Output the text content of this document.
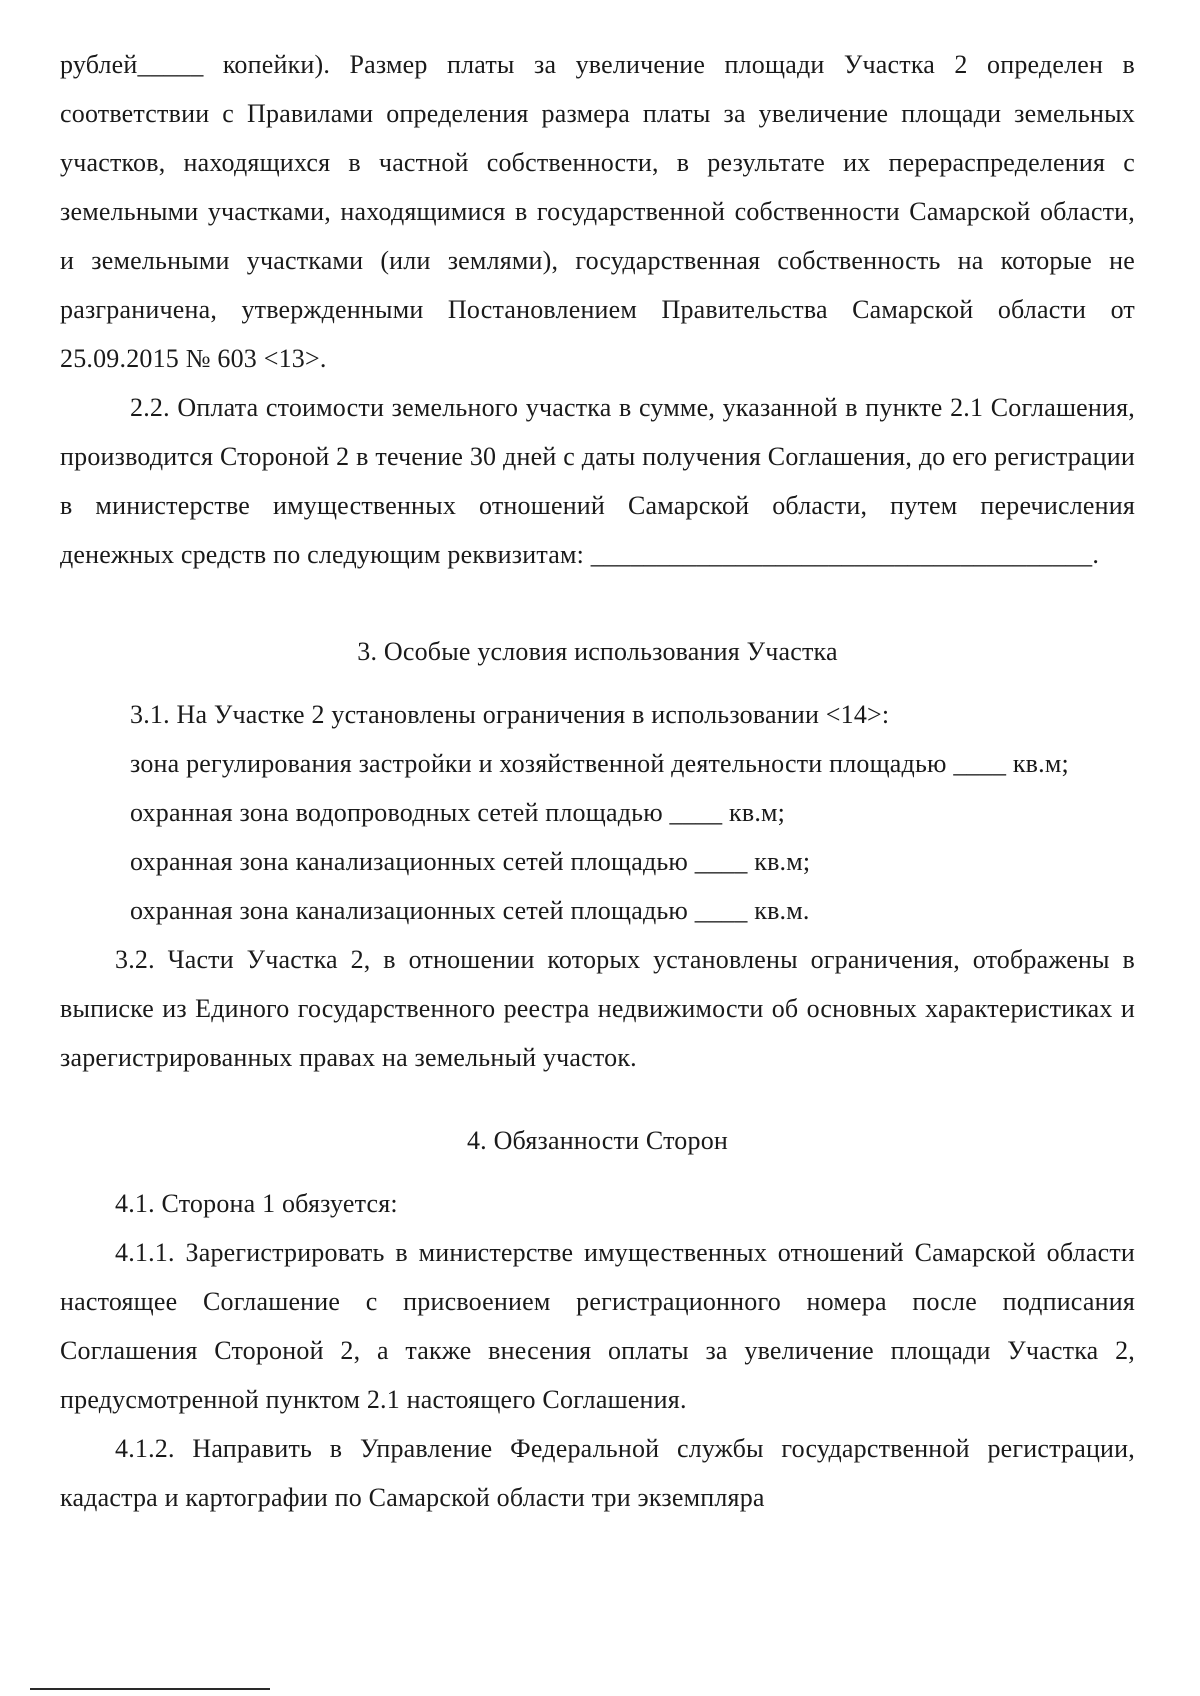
рублей_____ копейки). Размер платы за увеличение площади Участка 2 определен в соответствии с Правилами определения размера платы за увеличение площади земельных участков, находящихся в частной собственности, в результате их перераспределения с земельными участками, находящимися в государственной собственности Самарской области, и земельными участками (или землями), государственная собственность на которые не разграничена, утвержденными Постановлением Правительства Самарской области от 25.09.2015 № 603 <13>.

2.2. Оплата стоимости земельного участка в сумме, указанной в пункте 2.1 Соглашения, производится Стороной 2 в течение 30 дней с даты получения Соглашения, до его регистрации в министерстве имущественных отношений Самарской области, путем перечисления денежных средств по следующим реквизитам: ______________________________________.

3. Особые условия использования Участка

3.1. На Участке 2 установлены ограничения в использовании <14>:

зона регулирования застройки и хозяйственной деятельности площадью ____ кв.м;

охранная зона водопроводных сетей площадью ____ кв.м;

охранная зона канализационных сетей площадью ____ кв.м;

охранная зона канализационных сетей площадью ____ кв.м.

3.2. Части Участка 2, в отношении которых установлены ограничения, отображены в выписке из Единого государственного реестра недвижимости об основных характеристиках и зарегистрированных правах на земельный участок.

4. Обязанности Сторон

4.1. Сторона 1 обязуется:

4.1.1. Зарегистрировать в министерстве имущественных отношений Самарской области настоящее Соглашение с присвоением регистрационного номера после подписания Соглашения Стороной 2, а также внесения оплаты за увеличение площади Участка 2, предусмотренной пунктом 2.1 настоящего Соглашения.

4.1.2. Направить в Управление Федеральной службы государственной регистрации, кадастра и картографии по Самарской области три экземпляра
